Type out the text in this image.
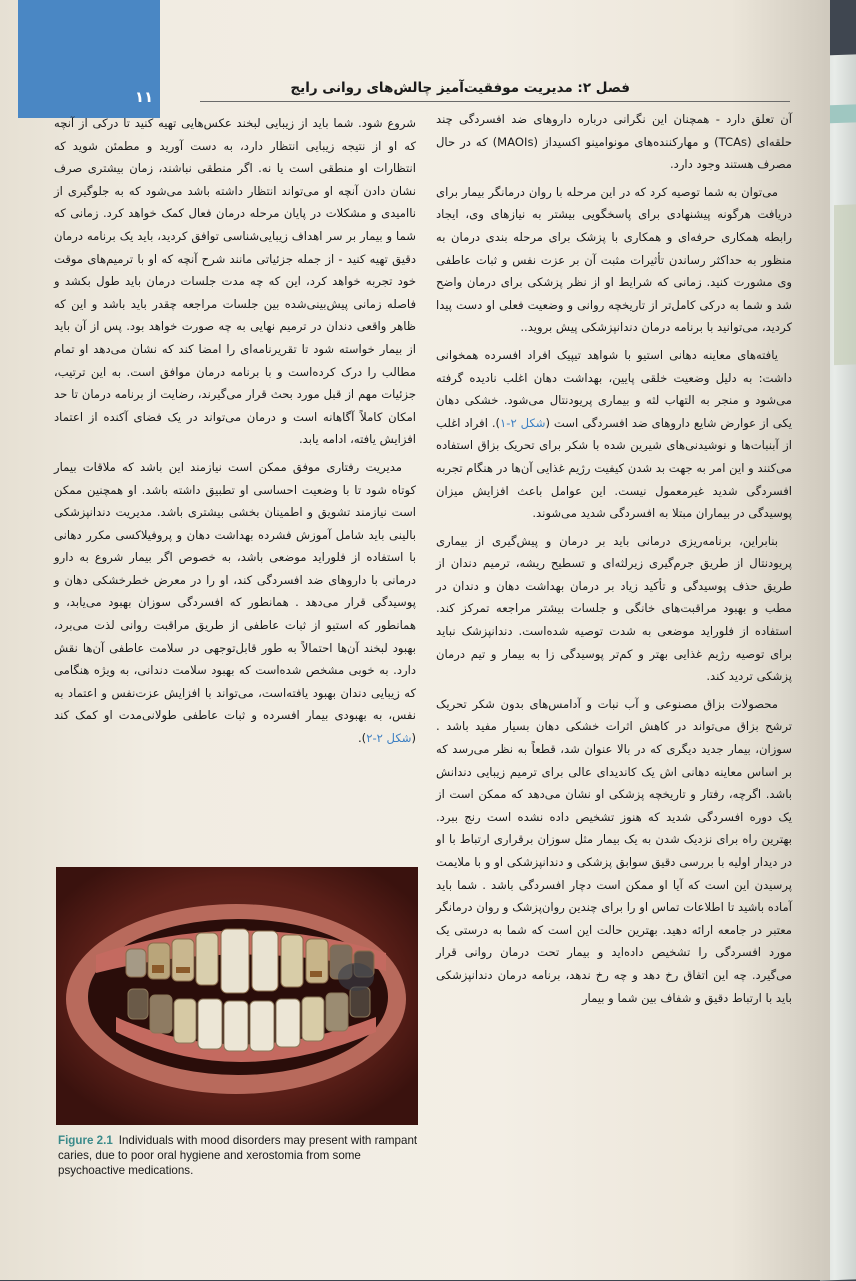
۱۱	فصل ۲: مدیریت موفقیت‌آمیز چالش‌های روانی رایج

آن تعلق دارد - همچنان این نگرانی درباره داروهای ضد افسردگی چند حلقه‌ای (TCAs) و مهارکننده‌های مونوامینو اکسیداز (MAOIs) که در حال مصرف هستند وجود دارد.

می‌توان به شما توصیه کرد که در این مرحله با روان درمانگر بیمار برای دریافت هرگونه پیشنهادی برای پاسخگویی بیشتر به نیازهای وی، ایجاد رابطه همکاری حرفه‌ای و همکاری با پزشک برای مرحله بندی درمان به منظور به حداکثر رساندن تأثیرات مثبت آن بر عزت نفس و ثبات عاطفی وی مشورت کنید. زمانی که شرایط او از نظر پزشکی برای درمان واضح شد و شما به درکی کامل‌تر از تاریخچه روانی و وضعیت فعلی او دست پیدا کردید، می‌توانید با برنامه درمان دندانپزشکی پیش بروید..

یافته‌های معاینه دهانی استیو با شواهد تیپیک افراد افسرده همخوانی داشت: به دلیل وضعیت خلقی پایین، بهداشت دهان اغلب نادیده گرفته می‌شود و منجر به التهاب لثه و بیماری پریودنتال می‌شود. خشکی دهان یکی از عوارض شایع داروهای ضد افسردگی است (شکل ۲-۱). افراد اغلب از آبنبات‌ها و نوشیدنی‌های شیرین شده با شکر برای تحریک بزاق استفاده می‌کنند و این امر به جهت بد شدن کیفیت رژیم غذایی آن‌ها در هنگام تجربه افسردگی شدید غیرمعمول نیست. این عوامل باعث افزایش میزان پوسیدگی در بیماران مبتلا به افسردگی شدید می‌شوند.

بنابراین، برنامه‌ریزی درمانی باید بر درمان و پیش‌گیری از بیماری پریودنتال از طریق جرم‌گیری زیرلثه‌ای و تسطیح ریشه، ترمیم دندان از طریق حذف پوسیدگی و تأکید زیاد بر درمان بهداشت دهان و دندان در مطب و بهبود مراقبت‌های خانگی و جلسات بیشتر مراجعه تمرکز کند. استفاده از فلوراید موضعی به شدت توصیه شده‌است. دندانپزشک نباید برای توصیه رژیم غذایی بهتر و کم‌تر پوسیدگی زا به بیمار و تیم درمان پزشکی تردید کند.

محصولات بزاق مصنوعی و آب نبات و آدامس‌های بدون شکر تحریک ترشح بزاق می‌تواند در کاهش اثرات خشکی دهان بسیار مفید باشد . سوزان، بیمار جدید دیگری که در بالا عنوان شد، قطعاً به نظر می‌رسد که بر اساس معاینه دهانی اش یک کاندیدای عالی برای ترمیم زیبایی دندانش باشد. اگرچه، رفتار و تاریخچه پزشکی او نشان می‌دهد که ممکن است از یک دوره افسردگی شدید که هنوز تشخیص داده نشده است رنج ببرد. بهترین راه برای نزدیک شدن به یک بیمار مثل سوزان برقراری ارتباط با او در دیدار اولیه با بررسی دقیق سوابق پزشکی و دندانپزشکی او و با ملایمت پرسیدن این است که آیا او ممکن است دچار افسردگی باشد . شما باید آماده باشید تا اطلاعات تماس او را برای چندین روان‌پزشک و روان درمانگر معتبر در جامعه ارائه دهید. بهترین حالت این است که شما به درستی یک مورد افسردگی را تشخیص داده‌اید و بیمار تحت درمان روانی قرار می‌گیرد. چه این اتفاق رخ دهد و چه رخ ندهد، برنامه درمان دندانپزشکی باید با ارتباط دقیق و شفاف بین شما و بیمار

شروع شود. شما باید از زیبایی لبخند عکس‌هایی تهیه کنید تا درکی از آنچه که او از نتیجه زیبایی انتظار دارد، به دست آورید و مطمئن شوید که انتظارات او منطقی است یا نه. اگر منطقی نباشند، زمان بیشتری صرف نشان دادن آنچه او می‌تواند انتظار داشته باشد می‌شود که به جلوگیری از ناامیدی و مشکلات در پایان مرحله درمان فعال کمک خواهد کرد. زمانی که شما و بیمار بر سر اهداف زیبایی‌شناسی توافق کردید، باید یک برنامه درمان دقیق تهیه کنید - از جمله جزئیاتی مانند شرح آنچه که او با ترمیم‌های موقت خود تجربه خواهد کرد، این که چه مدت جلسات درمان باید طول بکشد و فاصله زمانی پیش‌بینی‌شده بین جلسات مراجعه چقدر باید باشد و این که ظاهر واقعی دندان در ترمیم نهایی به چه صورت خواهد بود. پس از آن باید از بیمار خواسته شود تا تقریرنامه‌ای را امضا کند که نشان می‌دهد او تمام مطالب را درک کرده‌است و با برنامه درمان موافق است. به این ترتیب، جزئیات مهم از قبل مورد بحث قرار می‌گیرند، رضایت از برنامه درمان تا حد امکان کاملاً آگاهانه است و درمان می‌تواند در یک فضای آکنده از اعتماد افزایش یافته، ادامه یابد.

مدیریت رفتاری موفق ممکن است نیازمند این باشد که ملاقات بیمار کوتاه شود تا با وضعیت احساسی او تطبیق داشته باشد. او همچنین ممکن است نیازمند تشویق و اطمینان بخشی بیشتری باشد. مدیریت دندانپزشکی بالینی باید شامل آموزش فشرده بهداشت دهان و پروفیلاکسی مکرر دهانی با استفاده از فلوراید موضعی باشد، به خصوص اگر بیمار شروع به دارو درمانی با داروهای ضد افسردگی کند، او را در معرض خطرخشکی دهان و پوسیدگی قرار می‌دهد . همانطور که افسردگی سوزان بهبود می‌یابد، و همانطور که استیو از ثبات عاطفی از طریق مراقبت روانی لذت می‌برد، بهبود لبخند آن‌ها احتمالاً به طور قابل‌توجهی در سلامت عاطفی آن‌ها نقش دارد. به خوبی مشخص شده‌است که بهبود سلامت دندانی، به ویژه هنگامی که زیبایی دندان بهبود یافته‌است، می‌تواند با افزایش عزت‌نفس و اعتماد به نفس، به بهبودی بیمار افسرده و ثبات عاطفی طولانی‌مدت او کمک کند (شکل ۲-۲).

Figure 2.1 Individuals with mood disorders may present with rampant caries, due to poor oral hygiene and xerostomia from some psychoactive medications.
